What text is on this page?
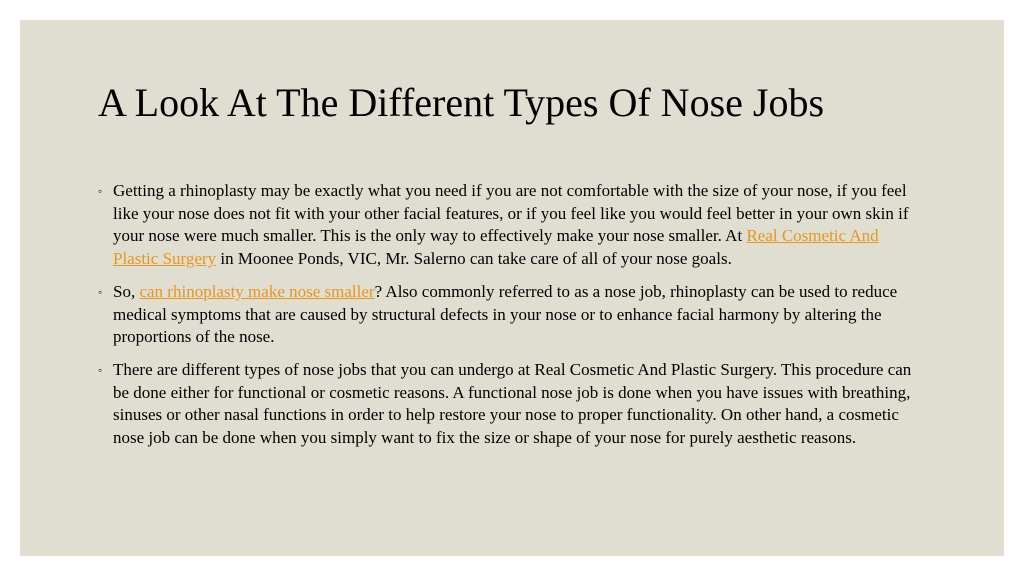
A Look At The Different Types Of Nose Jobs
◦ Getting a rhinoplasty may be exactly what you need if you are not comfortable with the size of your nose, if you feel like your nose does not fit with your other facial features, or if you feel like you would feel better in your own skin if your nose were much smaller. This is the only way to effectively make your nose smaller. At Real Cosmetic And Plastic Surgery in Moonee Ponds, VIC, Mr. Salerno can take care of all of your nose goals.
◦ So, can rhinoplasty make nose smaller? Also commonly referred to as a nose job, rhinoplasty can be used to reduce medical symptoms that are caused by structural defects in your nose or to enhance facial harmony by altering the proportions of the nose.
◦ There are different types of nose jobs that you can undergo at Real Cosmetic And Plastic Surgery. This procedure can be done either for functional or cosmetic reasons. A functional nose job is done when you have issues with breathing, sinuses or other nasal functions in order to help restore your nose to proper functionality. On other hand, a cosmetic nose job can be done when you simply want to fix the size or shape of your nose for purely aesthetic reasons.
